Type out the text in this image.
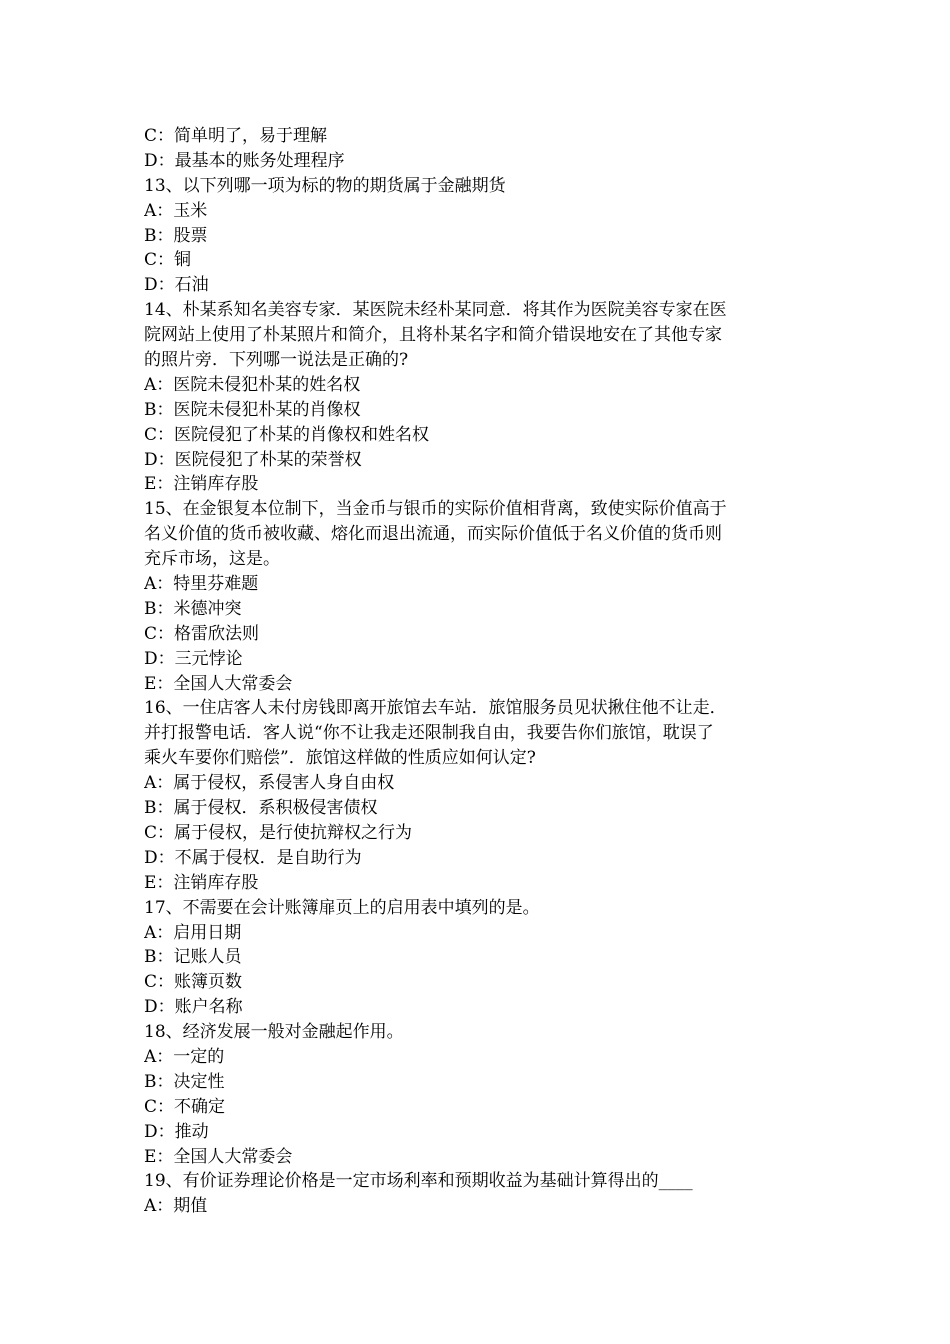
C：简单明了，易于理解
D：最基本的账务处理程序
13、以下列哪一项为标的物的期货属于金融期货
A：玉米
B：股票
C：铜
D：石油
14、朴某系知名美容专家．某医院未经朴某同意．将其作为医院美容专家在医
院网站上使用了朴某照片和简介，且将朴某名字和简介错误地安在了其他专家
的照片旁．下列哪一说法是正确的?
A：医院未侵犯朴某的姓名权
B：医院未侵犯朴某的肖像权
C：医院侵犯了朴某的肖像权和姓名权
D：医院侵犯了朴某的荣誉权
E：注销库存股
15、在金银复本位制下，当金币与银币的实际价值相背离，致使实际价值高于
名义价值的货币被收藏、熔化而退出流通，而实际价值低于名义价值的货币则
充斥市场，这是。
A：特里芬难题
B：米德冲突
C：格雷欣法则
D：三元悖论
E：全国人大常委会
16、一住店客人未付房钱即离开旅馆去车站．旅馆服务员见状揪住他不让走．
并打报警电话．客人说“你不让我走还限制我自由，我要告你们旅馆，耽误了
乘火车要你们赔偿”．旅馆这样做的性质应如何认定?
A：属于侵权，系侵害人身自由权
B：属于侵权．系积极侵害债权
C：属于侵权，是行使抗辩权之行为
D：不属于侵权．是自助行为
E：注销库存股
17、不需要在会计账簿扉页上的启用表中填列的是。
A：启用日期
B：记账人员
C：账簿页数
D：账户名称
18、经济发展一般对金融起作用。
A：一定的
B：决定性
C：不确定
D：推动
E：全国人大常委会
19、有价证券理论价格是一定市场利率和预期收益为基础计算得出的____
A：期值
